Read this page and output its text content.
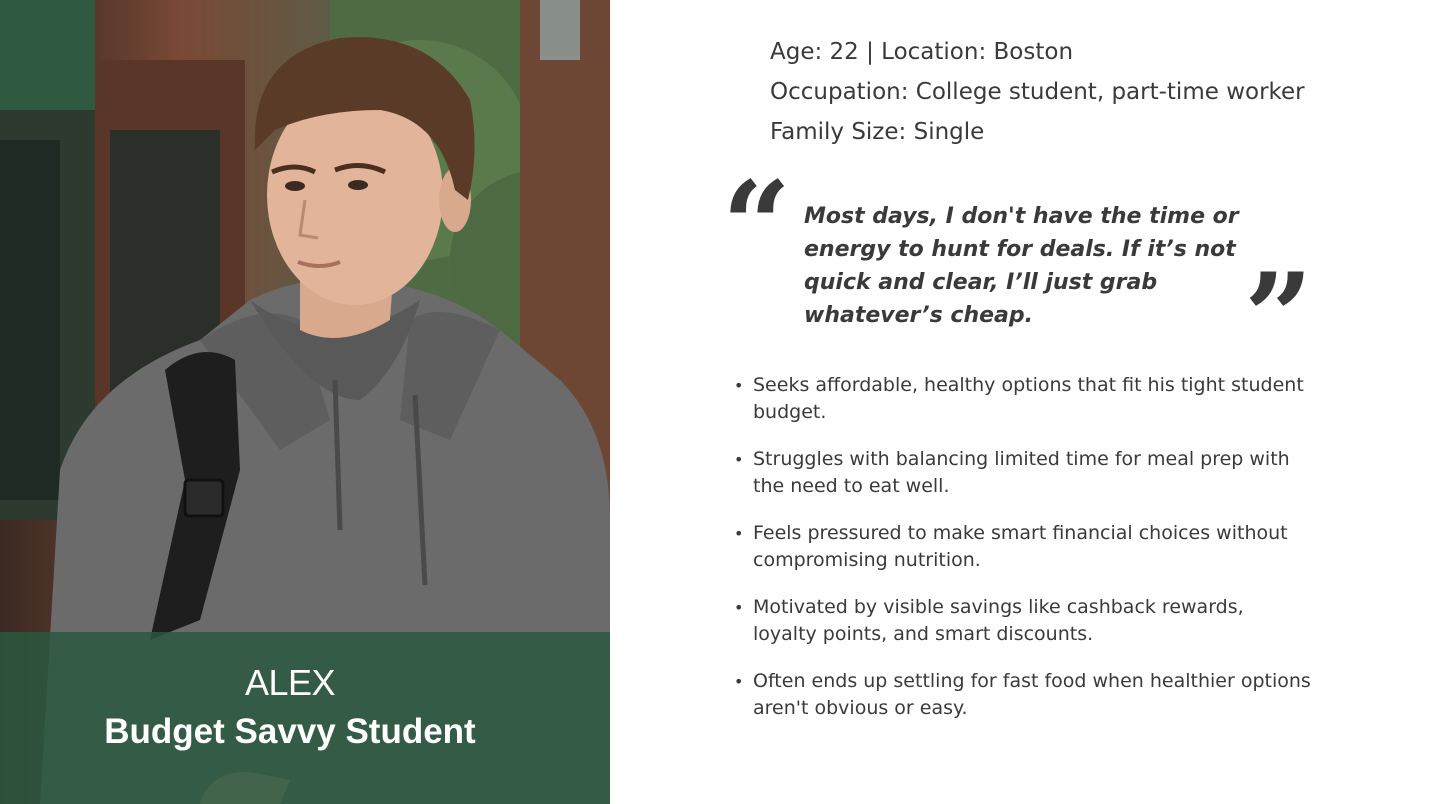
ALEX
Budget Savvy Student
Age: 22 | Location: Boston
Occupation: College student, part-time worker
Family Size: Single
“ Most days, I don't have the time or energy to hunt for deals. If it’s not quick and clear, I’ll just grab whatever’s cheap.	”
• Seeks affordable, healthy options that fit his tight student budget.
• Struggles with balancing limited time for meal prep with the need to eat well.
• Feels pressured to make smart financial choices without compromising nutrition.
• Motivated by visible savings like cashback rewards, loyalty points, and smart discounts.
• Often ends up settling for fast food when healthier options aren't obvious or easy.
